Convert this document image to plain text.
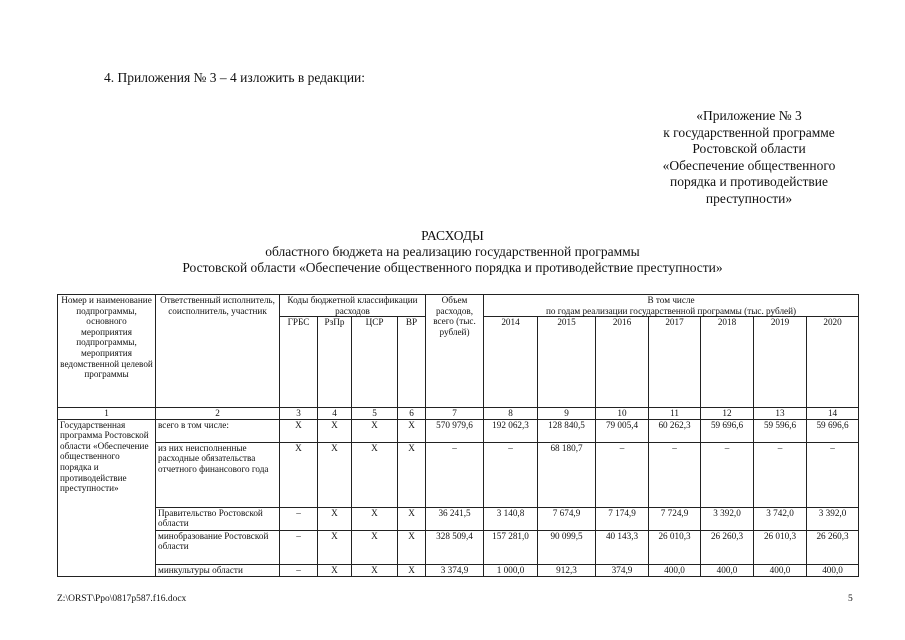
4. Приложения № 3 – 4 изложить в редакции:
«Приложение № 3
к государственной программе
Ростовской области
«Обеспечение общественного
порядка и противодействие
преступности»
РАСХОДЫ
областного бюджета на реализацию государственной программы
Ростовской области «Обеспечение общественного порядка и противодействие преступности»
Номер и наименование подпрограммы, основного мероприятия подпрограммы, мероприятия ведомственной целевой программы	Ответственный исполнитель, соисполнитель, участник	Коды бюджетной классификации расходов				Объем расходов, всего (тыс. рублей)	В том числе
по годам реализации государственной программы (тыс. рублей)						

		ГРБС	РзПр	ЦСР	ВР		2014	2015	2016	2017	2018	2019	2020

1	2	3	4	5	6	7	8	9	10	11	12	13	14
Государственная программа Ростовской области «Обеспечение общественного порядка и противодействие преступности»	всего в том числе:	Х	Х	Х	Х	570 979,6	192 062,3	128 840,5	79 005,4	60 262,3	59 696,6	59 596,6	59 696,6
	из них неисполненные расходные обязательства отчетного финансового года	Х	Х	Х	Х	–	–	68 180,7	–	–	–	–	–
	Правительство Ростовской области	–	Х	Х	Х	36 241,5	3 140,8	7 674,9	7 174,9	7 724,9	3 392,0	3 742,0	3 392,0
	минобразование Ростовской области	–	Х	Х	Х	328 509,4	157 281,0	90 099,5	40 143,3	26 010,3	26 260,3	26 010,3	26 260,3
	минкультуры области	–	Х	Х	Х	3 374,9	1 000,0	912,3	374,9	400,0	400,0	400,0	400,0
Z:\ORST\Ppo\0817p587.f16.docx	5
